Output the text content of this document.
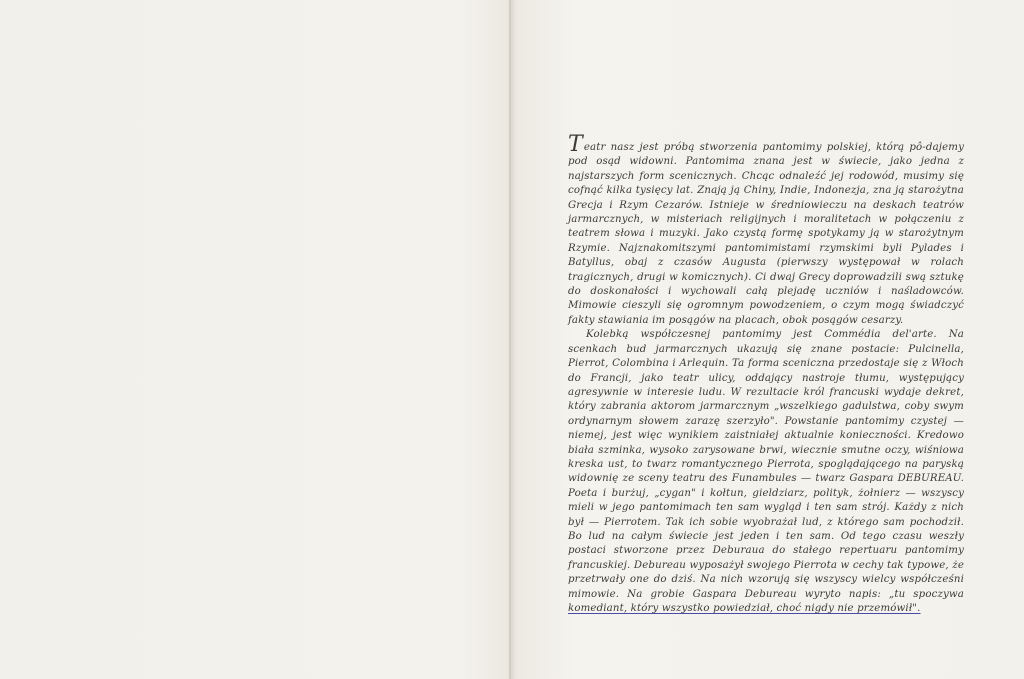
Teatr nasz jest próbą stworzenia pantomimy polskiej, którą pô-dajemy pod osąd widowni. Pantomima znana jest w świecie, jako jedna z najstarszych form scenicznych. Chcąc odnaleźć jej rodowód, musimy się cofnąć kilka tysięcy lat. Znają ją Chiny, Indie, Indonezja, zna ją starożytna Grecja i Rzym Cezarów. Istnieje w średniowieczu na deskach teatrów jarmarcznych, w misteriach religijnych i moralitetach w połączeniu z teatrem słowa i muzyki. Jako czystą formę spotykamy ją w starożytnym Rzymie. Najznakomitszymi pantomimistami rzymskimi byli Pylades i Batyllus, obaj z czasów Augusta (pierwszy występował w rolach tragicznych, drugi w komicznych). Ci dwaj Grecy doprowadzili swą sztukę do doskonałości i wychowali całą plejadę uczniów i naśladowców. Mimowie cieszyli się ogromnym powodzeniem, o czym mogą świadczyć fakty stawiania im posągów na placach, obok posągów cesarzy.

Kolebką współczesnej pantomimy jest Commédia del'arte. Na scenkach bud jarmarcznych ukazują się znane postacie: Pulcinella, Pierrot, Colombina i Arlequin. Ta forma sceniczna przedostaje się z Włoch do Francji, jako teatr ulicy, oddający nastroje tłumu, występujący agresywnie w interesie ludu. W rezultacie król francuski wydaje dekret, który zabrania aktorom jarmarcznym „wszelkiego gadulstwa, coby swym ordynarnym słowem zarazę szerzyło". Powstanie pantomimy czystej — niemej, jest więc wynikiem zaistniałej aktualnie konieczności. Kredowo biała szminka, wysoko zarysowane brwi, wiecznie smutne oczy, wiśniowa kreska ust, to twarz romantycznego Pierrota, spoglądającego na paryską widownię ze sceny teatru des Funambules — twarz Gaspara DEBUREAU. Poeta i burżuj, „cygan" i kołtun, gieldziarz, polityk, żołnierz — wszyscy mieli w jego pantomimach ten sam wygląd i ten sam strój. Każdy z nich był — Pierrotem. Tak ich sobie wyobrażał lud, z którego sam pochodził. Bo lud na całym świecie jest jeden i ten sam. Od tego czasu weszły postaci stworzone przez Deburaua do stałego repertuaru pantomimy francuskiej. Debureau wyposażył swojego Pierrota w cechy tak typowe, że przetrwały one do dziś. Na nich wzorują się wszyscy wielcy współcześni mimowie. Na grobie Gaspara Debureau wyryto napis: „tu spoczywa komediant, który wszystko powiedział, choć nigdy nie przemówił".
